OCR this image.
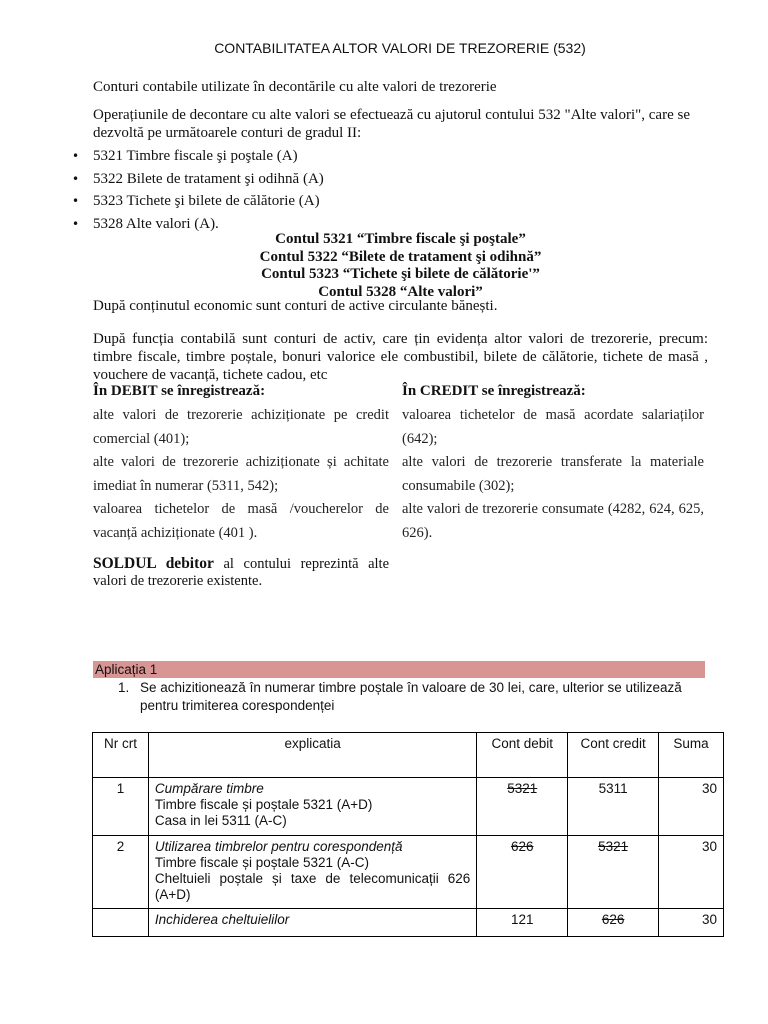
CONTABILITATEA ALTOR VALORI DE TREZORERIE (532)
Conturi contabile utilizate în decontările cu alte valori de trezorerie
Operațiunile de decontare cu alte valori se efectuează cu ajutorul contului 532 "Alte valori", care se dezvoltă pe următoarele conturi de gradul II:
• 5321 Timbre fiscale şi poştale (A)
• 5322 Bilete de tratament şi odihnă (A)
• 5323 Tichete şi bilete de călătorie (A)
• 5328 Alte valori (A).
Contul 5321 “Timbre fiscale şi poştale”
Contul 5322 “Bilete de tratament şi odihnă”
Contul 5323 “Tichete şi bilete de călătorie'”
Contul 5328 “Alte valori”
După conținutul economic sunt conturi de active circulante bănești.
După funcția contabilă sunt conturi de activ, care țin evidența altor valori de trezorerie, precum: timbre fiscale, timbre poștale, bonuri valorice ele combustibil, bilete de călătorie, tichete de masă , vouchere de vacanță, tichete cadou, etc
În DEBIT se înregistrează:	În CREDIT se înregistrează:

alte valori de trezorerie achiziționate pe credit comercial (401);

alte valori de trezorerie achiziționate și achitate imediat în numerar (5311, 542);

valoarea tichetelor de masă /voucherelor de vacanță achiziționate (401 ).

valoarea tichetelor de masă acordate salariaților (642);

alte valori de trezorerie transferate la materiale consumabile (302);

alte valori de trezorerie consumate (4282, 624, 625, 626).

SOLDUL debitor al contului reprezintă alte valori de trezorerie existente.
Aplicația 1
1. Se achizitionează în numerar timbre poștale în valoare de 30 lei, care, ulterior se utilizează pentru trimiterea corespondenței
Nr crt	explicatia	Cont debit	Cont credit	Suma
1	Cumpărare timbre
Timbre fiscale și poștale 5321 (A+D)
Casa in lei 5311 (A-C)	5321	5311	30
2	Utilizarea timbrelor pentru corespondență
Timbre fiscale și poștale 5321 (A-C)
Cheltuieli poștale și taxe de telecomunicații 626 (A+D)	626	5321	30

	Inchiderea cheltuielilor	121	626	30
